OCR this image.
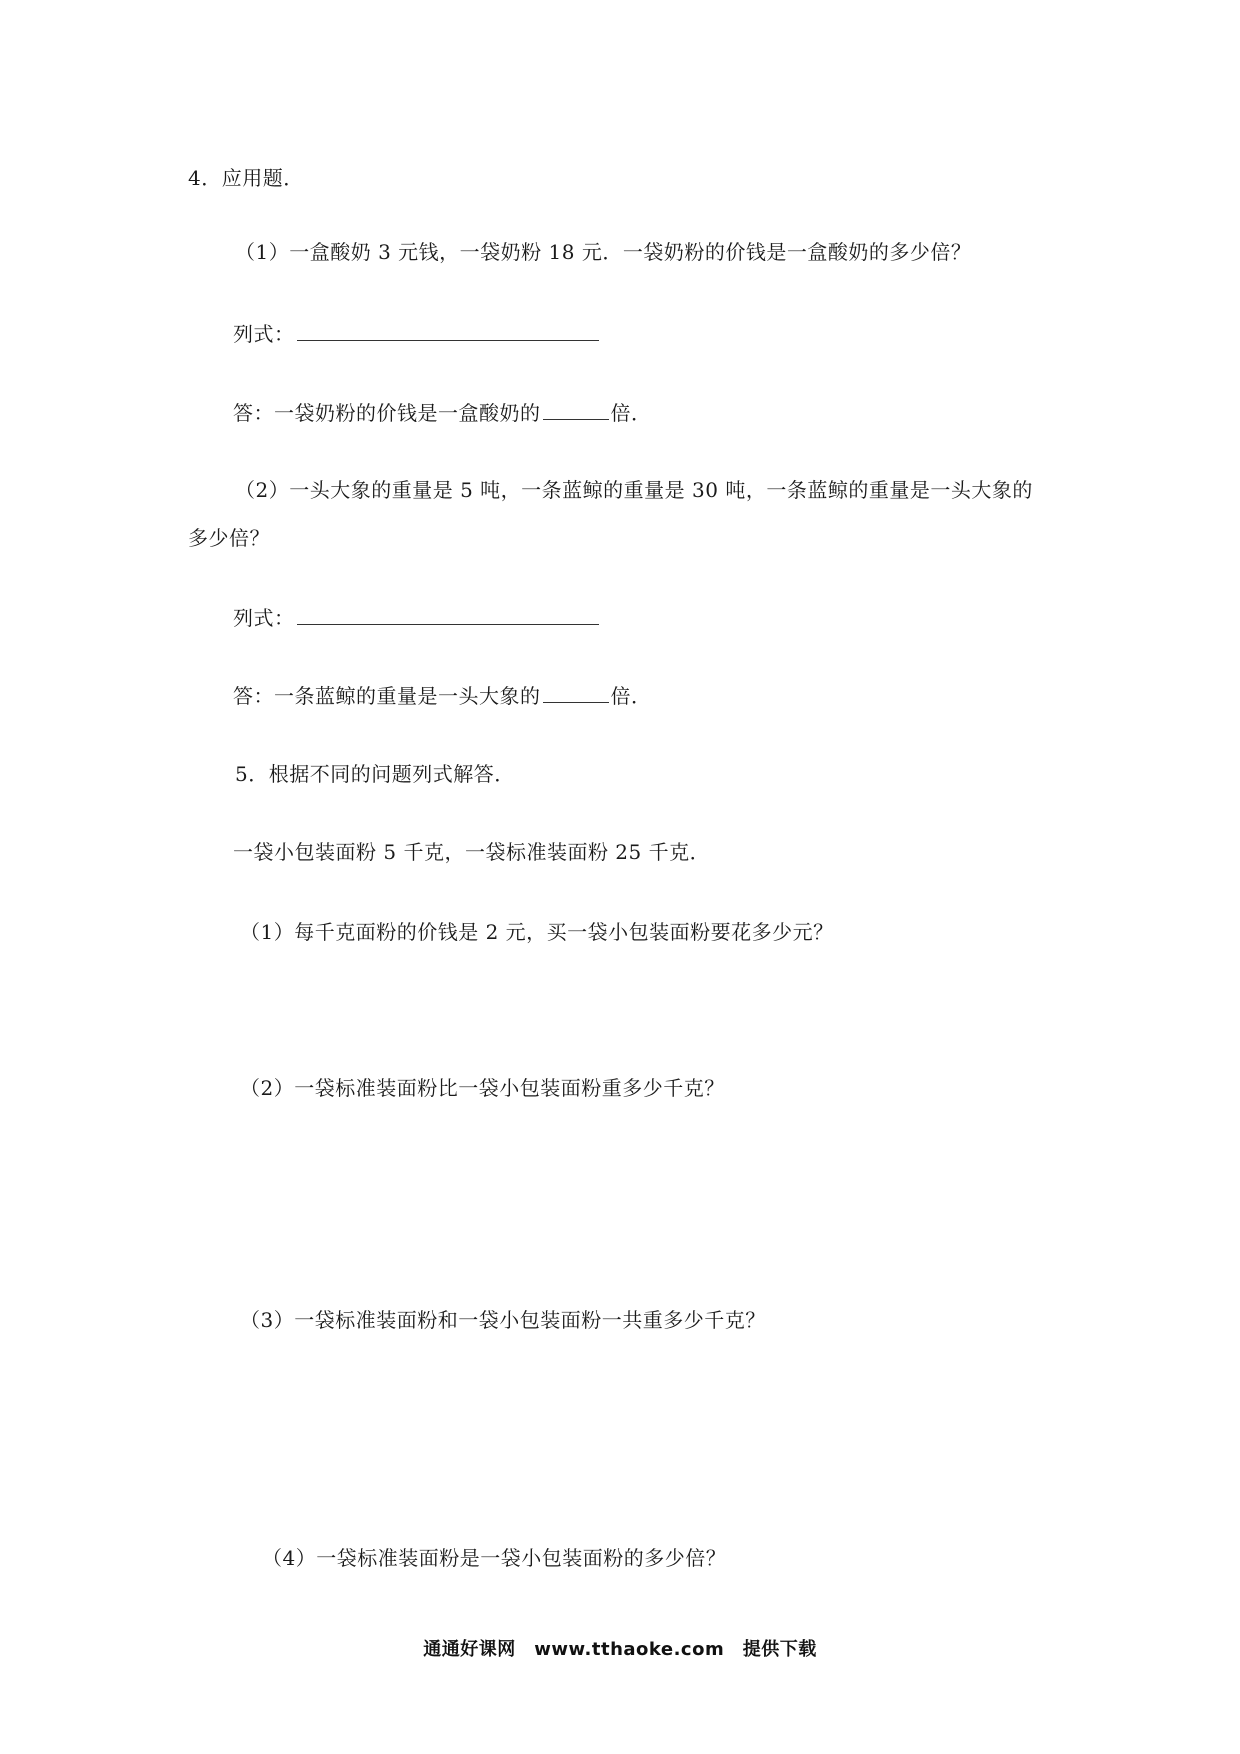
4．应用题．
（1）一盒酸奶 3 元钱，一袋奶粉 18 元．一袋奶粉的价钱是一盒酸奶的多少倍？
列式：
答：一袋奶粉的价钱是一盒酸奶的	倍．
（2）一头大象的重量是 5 吨，一条蓝鲸的重量是 30 吨，一条蓝鲸的重量是一头大象的
多少倍？
列式：
答：一条蓝鲸的重量是一头大象的	倍．
5．根据不同的问题列式解答．
一袋小包装面粉 5 千克，一袋标准装面粉 25 千克．
（1）每千克面粉的价钱是 2 元，买一袋小包装面粉要花多少元？
（2）一袋标准装面粉比一袋小包装面粉重多少千克？
（3）一袋标准装面粉和一袋小包装面粉一共重多少千克？
（4）一袋标准装面粉是一袋小包装面粉的多少倍？
通通好课网　www.tthaoke.com　提供下载
